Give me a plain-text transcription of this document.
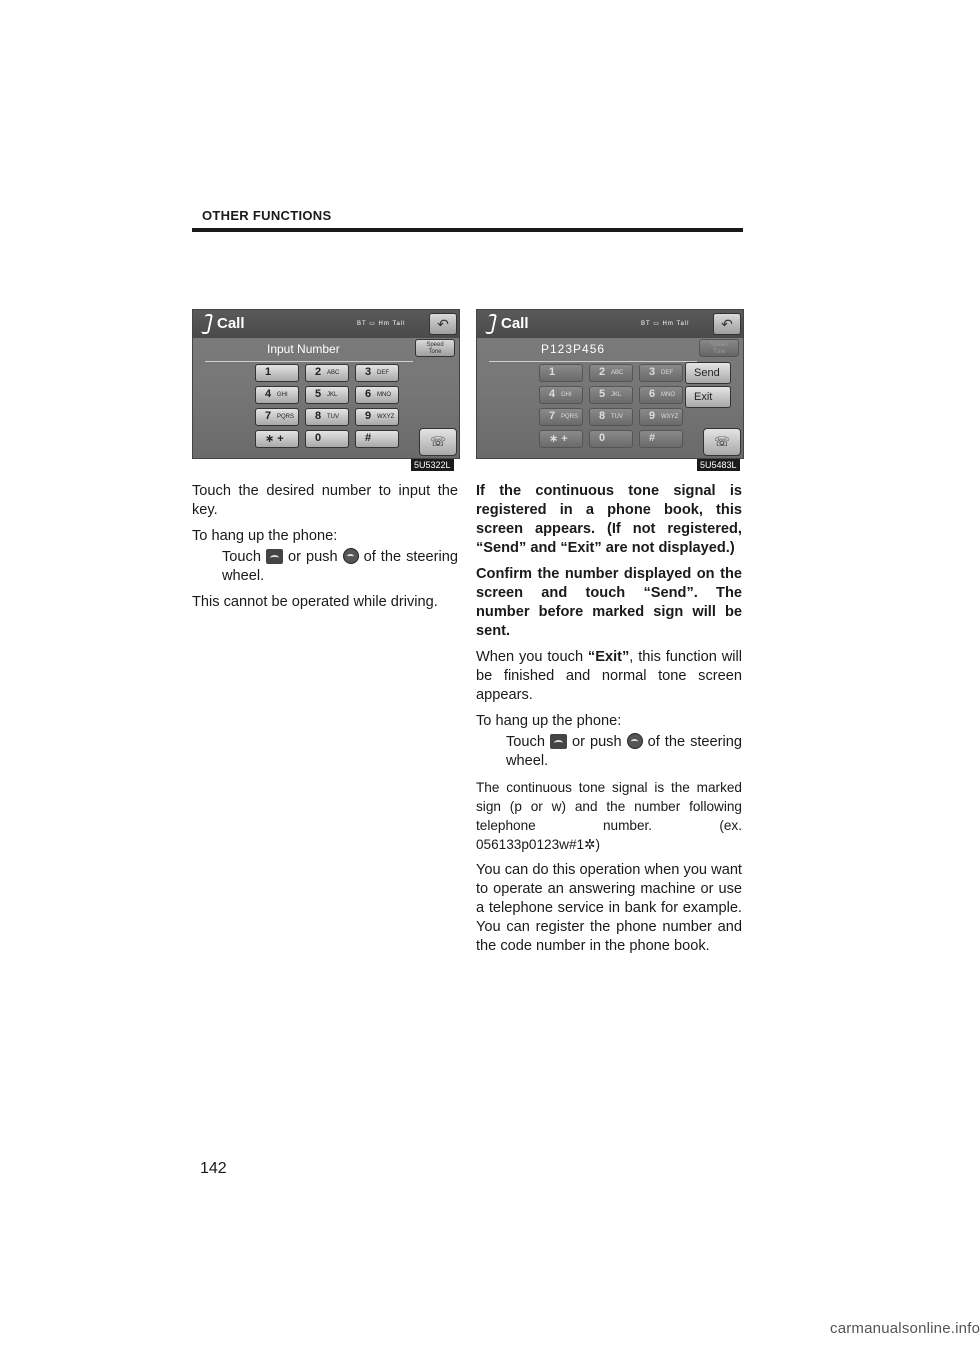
OTHER FUNCTIONS
Call	BT ▭ Hm Tall	↶
Input Number	Speed
Tone
1	2 ABC 3 DEF
4 GHI 5 JKL	6 MNO
7 PQRS 8 TUV 9 WXYZ
∗ +	0	#	☏
5U5322L
Call	BT ▭ Hm Tall	↶
P123P456	Speed
Tone
1	2 ABC 3 DEF
4 GHI 5 JKL	6 MNO
7 PQRS 8 TUV 9 WXYZ
∗ +	0	#
Send
Exit
☏
5U5483L

Touch the desired number to input the key.

To hang up the phone:

Touch  or push  of the steering wheel.

This cannot be operated while driving.

If the continuous tone signal is registered in a phone book, this screen appears. (If not registered, “Send” and “Exit” are not displayed.)

Confirm the number displayed on the screen and touch “Send”. The number before marked sign will be sent.

When you touch “Exit”, this function will be finished and normal tone screen appears.

To hang up the phone:

Touch  or push  of the steering wheel.

The continuous tone signal is the marked sign (p or w) and the number following telephone number. (ex. 056133p0123w#1✲)

You can do this operation when you want to operate an answering machine or use a telephone service in bank for example. You can register the phone number and the code number in the phone book.

142
carmanualsonline.info
